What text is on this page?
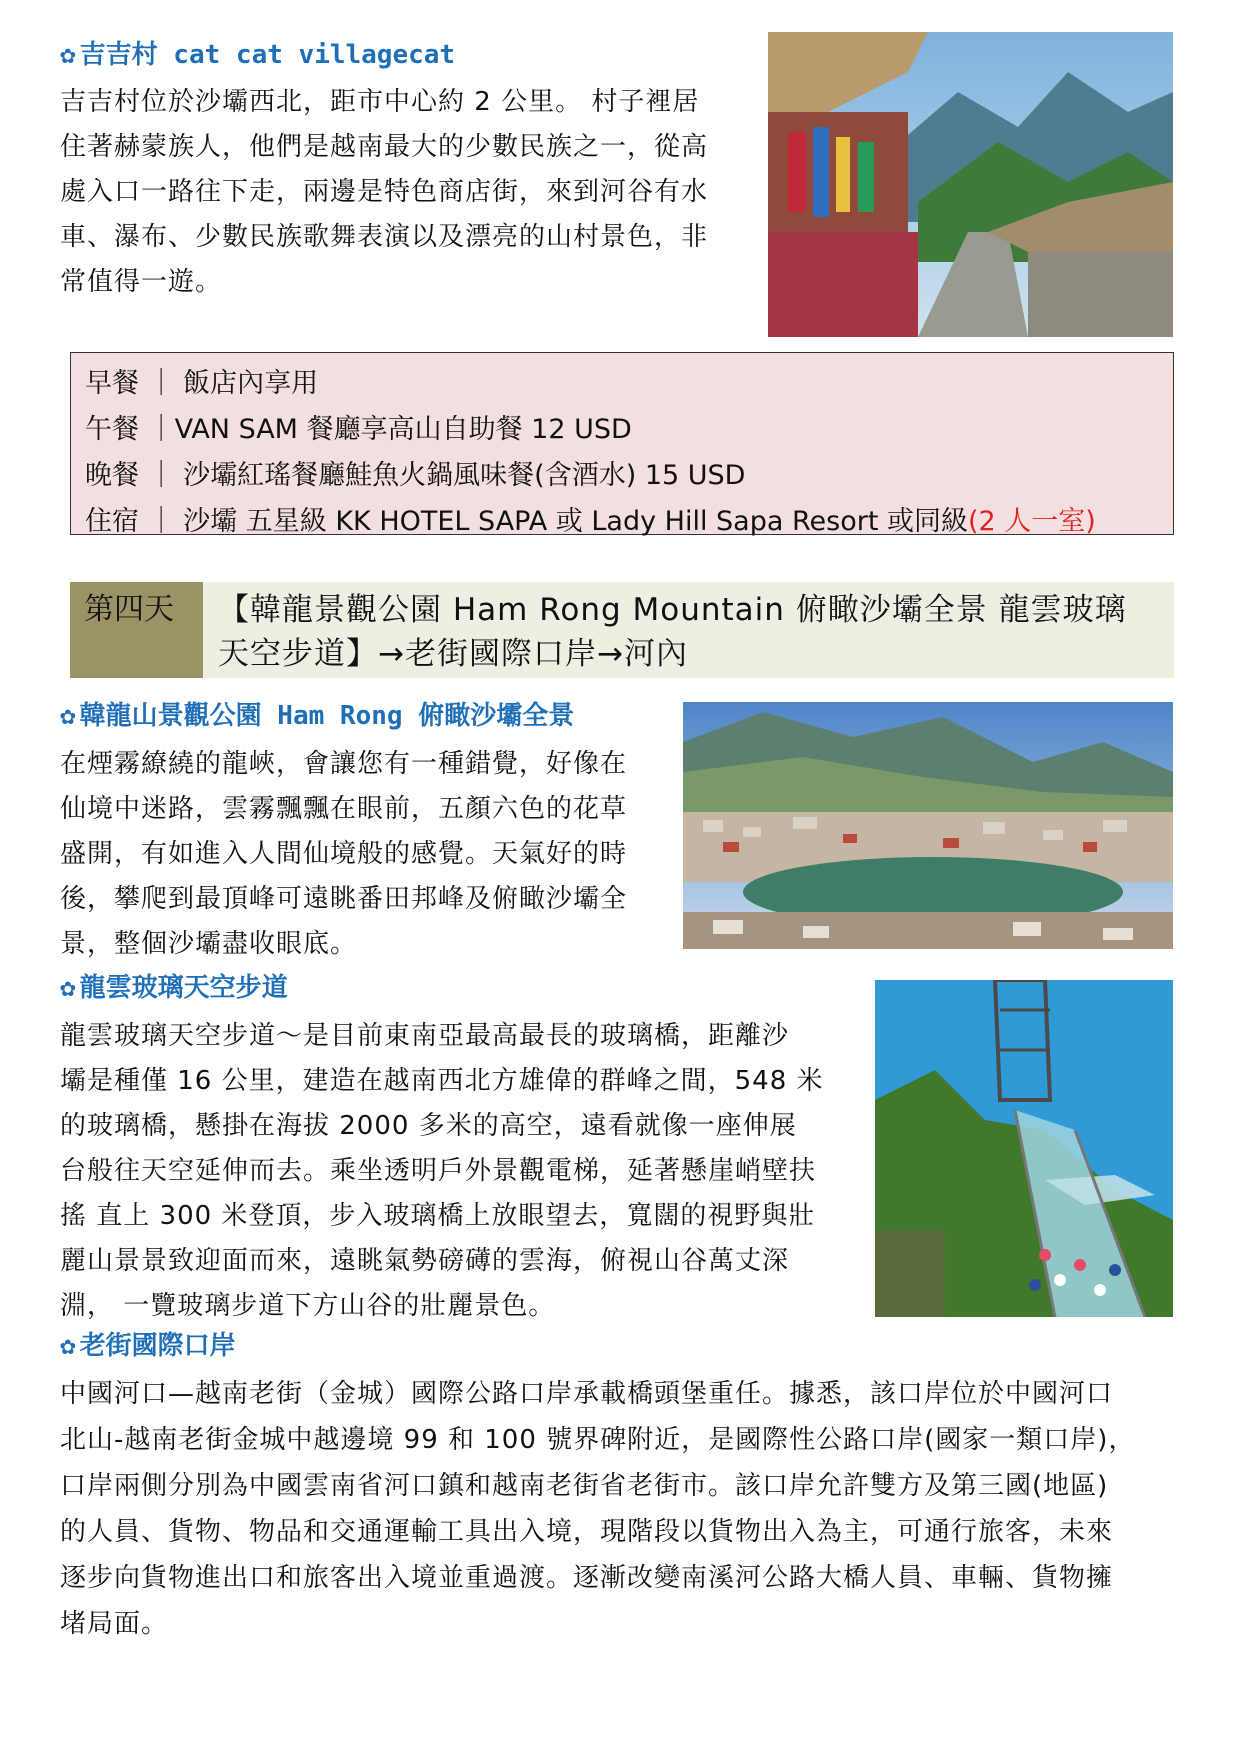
✿ 吉吉村 cat cat villagecat
吉吉村位於沙壩西北，距市中心約 2 公里。 村子裡居
住著赫蒙族人，他們是越南最大的少數民族之一，從高
處入口一路往下走，兩邊是特色商店街，來到河谷有水
車、瀑布、少數民族歌舞表演以及漂亮的山村景色，非
常值得一遊。
早餐 ｜ 飯店內享用
午餐 ｜VAN SAM 餐廳享高山自助餐 12 USD
晚餐 ｜ 沙壩紅瑤餐廳鮭魚火鍋風味餐(含酒水) 15 USD
住宿 ｜ 沙壩 五星級 KK HOTEL SAPA 或 Lady Hill Sapa Resort 或同級(2 人一室)
第四天	【韓龍景觀公園 Ham Rong Mountain 俯瞰沙壩全景 龍雲玻璃
天空步道】→老街國際口岸→河內
✿ 韓龍山景觀公園 Ham Rong 俯瞰沙壩全景
在煙霧繚繞的龍峽，會讓您有一種錯覺，好像在
仙境中迷路，雲霧飄飄在眼前，五顏六色的花草
盛開，有如進入人間仙境般的感覺。天氣好的時
後，攀爬到最頂峰可遠眺番田邦峰及俯瞰沙壩全
景，整個沙壩盡收眼底。
✿ 龍雲玻璃天空步道
龍雲玻璃天空步道～是目前東南亞最高最長的玻璃橋，距離沙
壩是種僅 16 公里，建造在越南西北方雄偉的群峰之間，548 米
的玻璃橋，懸掛在海拔 2000 多米的高空，遠看就像一座伸展
台般往天空延伸而去。乘坐透明戶外景觀電梯，延著懸崖峭壁扶
搖 直上 300 米登頂，步入玻璃橋上放眼望去，寬闊的視野與壯
麗山景景致迎面而來，遠眺氣勢磅礡的雲海，俯視山谷萬丈深
淵， 一覽玻璃步道下方山谷的壯麗景色。
✿ 老街國際口岸
中國河口—越南老街（金城）國際公路口岸承載橋頭堡重任。據悉，該口岸位於中國河口
北山-越南老街金城中越邊境 99 和 100 號界碑附近，是國際性公路口岸(國家一類口岸)，
口岸兩側分別為中國雲南省河口鎮和越南老街省老街市。該口岸允許雙方及第三國(地區)
的人員、貨物、物品和交通運輸工具出入境，現階段以貨物出入為主，可通行旅客，未來
逐步向貨物進出口和旅客出入境並重過渡。逐漸改變南溪河公路大橋人員、車輛、貨物擁
堵局面。
